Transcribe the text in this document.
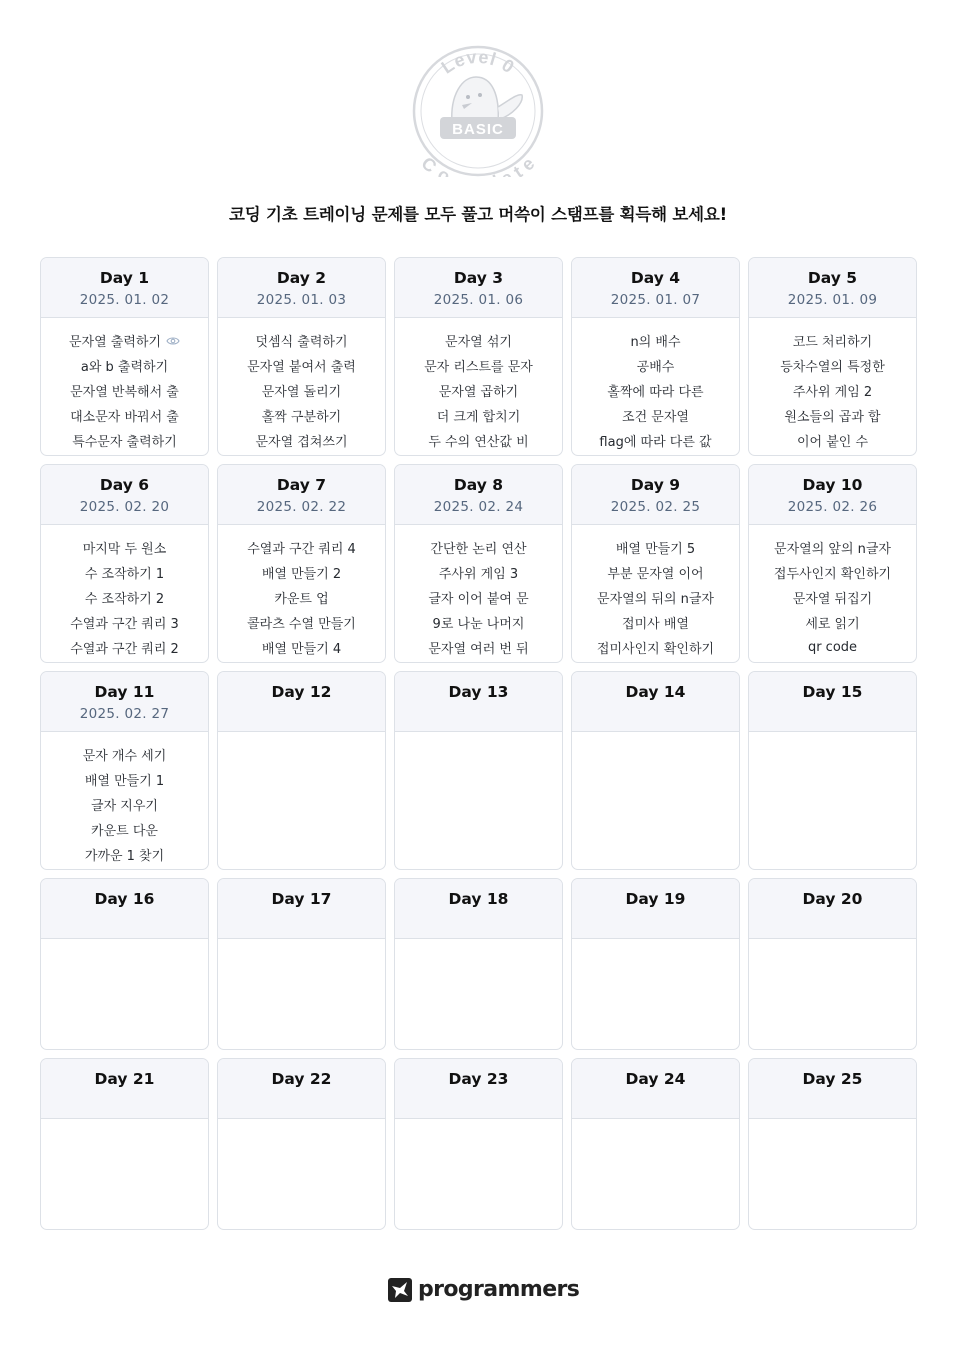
Level 0
Co te
BASIC
코딩 기초 트레이닝 문제를 모두 풀고 머쓱이 스탬프를 획득해 보세요!
Day 1
2025. 01. 02
문자열 출력하기
a와 b 출력하기
문자열 반복해서 출
대소문자 바꿔서 출
특수문자 출력하기
Day 2
2025. 01. 03
덧셈식 출력하기
문자열 붙여서 출력
문자열 돌리기
홀짝 구분하기
문자열 겹쳐쓰기
Day 3
2025. 01. 06
문자열 섞기
문자 리스트를 문자
문자열 곱하기
더 크게 합치기
두 수의 연산값 비
Day 4
2025. 01. 07
n의 배수
공배수
홀짝에 따라 다른
조건 문자열
flag에 따라 다른 값
Day 5
2025. 01. 09
코드 처리하기
등차수열의 특정한
주사위 게임 2
원소들의 곱과 합
이어 붙인 수
Day 6
2025. 02. 20
마지막 두 원소
수 조작하기 1
수 조작하기 2
수열과 구간 쿼리 3
수열과 구간 쿼리 2
Day 7
2025. 02. 22
수열과 구간 쿼리 4
배열 만들기 2
카운트 업
콜라츠 수열 만들기
배열 만들기 4
Day 8
2025. 02. 24
간단한 논리 연산
주사위 게임 3
글자 이어 붙여 문
9로 나눈 나머지
문자열 여러 번 뒤
Day 9
2025. 02. 25
배열 만들기 5
부분 문자열 이어
문자열의 뒤의 n글자
접미사 배열
접미사인지 확인하기
Day 10
2025. 02. 26
문자열의 앞의 n글자
접두사인지 확인하기
문자열 뒤집기
세로 읽기
qr code
Day 11
2025. 02. 27
문자 개수 세기
배열 만들기 1
글자 지우기
카운트 다운
가까운 1 찾기
Day 12	Day 13	Day 14	Day 15
Day 16	Day 17	Day 18	Day 19	Day 20
Day 21	Day 22	Day 23	Day 24	Day 25
programmers
